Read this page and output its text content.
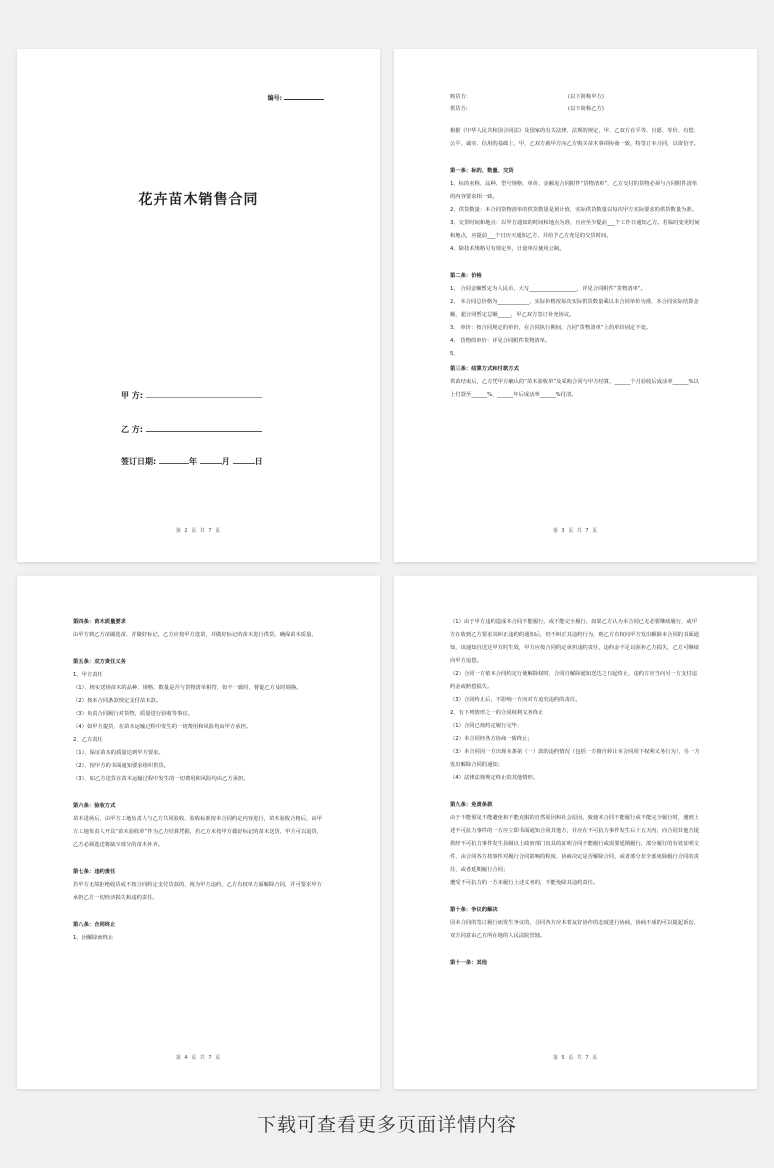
编号:
花卉苗木销售合同
甲 方:
乙 方:
签订日期:	年	月	日
第 2 页 共 7 页
购货方:	(以下简称甲方)
供货方:	(以下简称乙方)

根据《中华人民共和国合同法》及国家的有关法律、法规的规定，甲、乙双方在平等、自愿、等价、有偿、公平、诚实、信用的基础上，甲、乙双方就甲方向乙方购买苗木事项协商一致，特签订本合同，以资信守。

第一条：标的、数量、交货

1、标的名称、品种、型号规格、单价、金额见合同附件“货物清单”，乙方交付的货物必须与合同附件清单的内容要求相一致。

2、供货数量：本合同货物清单的供货数量是预计值，实际供货数量以每次甲方实际要求的供货数量为准。

3、交货时间和地点：以甲方通知的时间和地点为准，且应至少提前___个工作日通知乙方。若临时变更时间和地点，应提前___个日历天通知乙方，并给予乙方充足的交货时间。

4、除技术规格另有规定外，计量单位使用公制。

第二条：价格

1、 合同金额暂定为人民币，大写__________________，详见合同附件“货物清单”。

2、 本合同总价格为____________，实际价格按每次实际供货数量乘以本合同单价为准，本合同实际结算金额，超合同暂定总额_____，甲乙双方签订补充协议。

3、 单价：按合同规定的单价，在合同执行期间，合同“货物清单”上的单价固定不变。

4、 货物的单价：详见合同附件货物清单。

5、

第三条：结算方式和付款方式

供苗结束后，乙方凭甲方确认的“苗木验收单”及采购合同与甲方结算，______个月验收后成活率______%以上付款至______%，______年后成活率______%付清。

第 3 页 共 7 页

第四条：苗木质量要求

由甲方到乙方苗圃选苗，并做好标记，乙方应按甲方选苗，并做好标记的苗木进行供货，确保苗木质量。

第五条：双方责任义务

1、甲方责任

（1）、核实送场苗木的品种、规格、数量是否与货物清单相符，如不一致时，督促乙方及时调换。

（2）按本合同条款规定支付苗木款。

（3）负责合同履行对货物，质量进行验收等事宜。

（4）如甲方提货，在苗木运输过程中发生的一切费用和风险均由甲方承担。

2、乙方责任

（1）、保证苗木的质量达到甲方要求。

（2）、按甲方的书面通知要求组织供货。

（3）、如乙方送货在苗木运输过程中发生的一切费用和风险均由乙方承担。

第六条：验收方式

苗木进场后，由甲方工地负责人与乙方共同验收，验收标准按本合同约定内容进行，苗木验收合格后，由甲方工地负责人开具“苗木验收单”作为乙方结算凭据，若乙方未按甲方做好标记的苗木送货，甲方可以退货，乙方必须选送将缺少部分的苗木补齐。

第七条：违约责任

若甲方无故拒绝收货或不按合同约定支付货款的，视为甲方违约，乙方有权单方面解除合同，并可要求甲方承担乙方一切经济损失和违约责任。

第八条：合同终止

1、因解除而终止

第 4 页 共 7 页

（1）由于甲方违约造成本合同不能履行，或不能完全履行。如果乙方认为本合同已无必要继续履行，或甲方在收到乙方要求其纠正违约的通知后，仍不纠正其违约行为，则乙方有权向甲方发出解除本合同的书面通知，该通知自送达甲方时生效，甲方应按合同约定承担违约责任，违约金不足以弥补乙方损失，乙方可继续向甲方追偿。

（2）合同一方依本合同约定行使解除权时，合同自解除通知送达之日起终止，违约方应当向另一方支付违约金或赔偿损失。

（3）合同终止后，不影响一方向对方追究违约的责任。

2、有下列情形之一的合同权利义务终止

（1）合同已按约定履行完毕；

（2）本合同经各方协商一致终止；

（3）本合同因一方出现本条第（一）款的违约情况（包括一方擅自转让本合同项下权利义务行为），另一方发出解除合同的通知；

（4）法律法规规定终止的其他情形。

第九条：免责条款

由于不能预见不能避免和不能克服的自然原因和社会原因，致使本合同不能履行或不能完全履行时，遇到上述不可抗力事件的一方应立即书面通知合同其他方，并应在不可抗力事件发生后十五天内，向合同其他方提供经不可抗力事件发生县级以上政府部门出具的证明合同不能履行或需要延期履行，部分履行的有效证明文件，由合同各方按事件对履行合同影响的程度，协商决定是否解除合同，或者部分非全部免除履行合同的责任，或者延期履行合同；

遭受不可抗力的一方未履行上述义务的，不能免除其违约责任。

第十条：争议的解决

因本合同的签订履行而发生争议的，合同各方应本着友好协作的态度进行协商，协商不成的可以提起诉讼，双方同意由乙方所在地的人民法院管辖。

第十一条：其他

第 5 页 共 7 页
下载可查看更多页面详情内容
